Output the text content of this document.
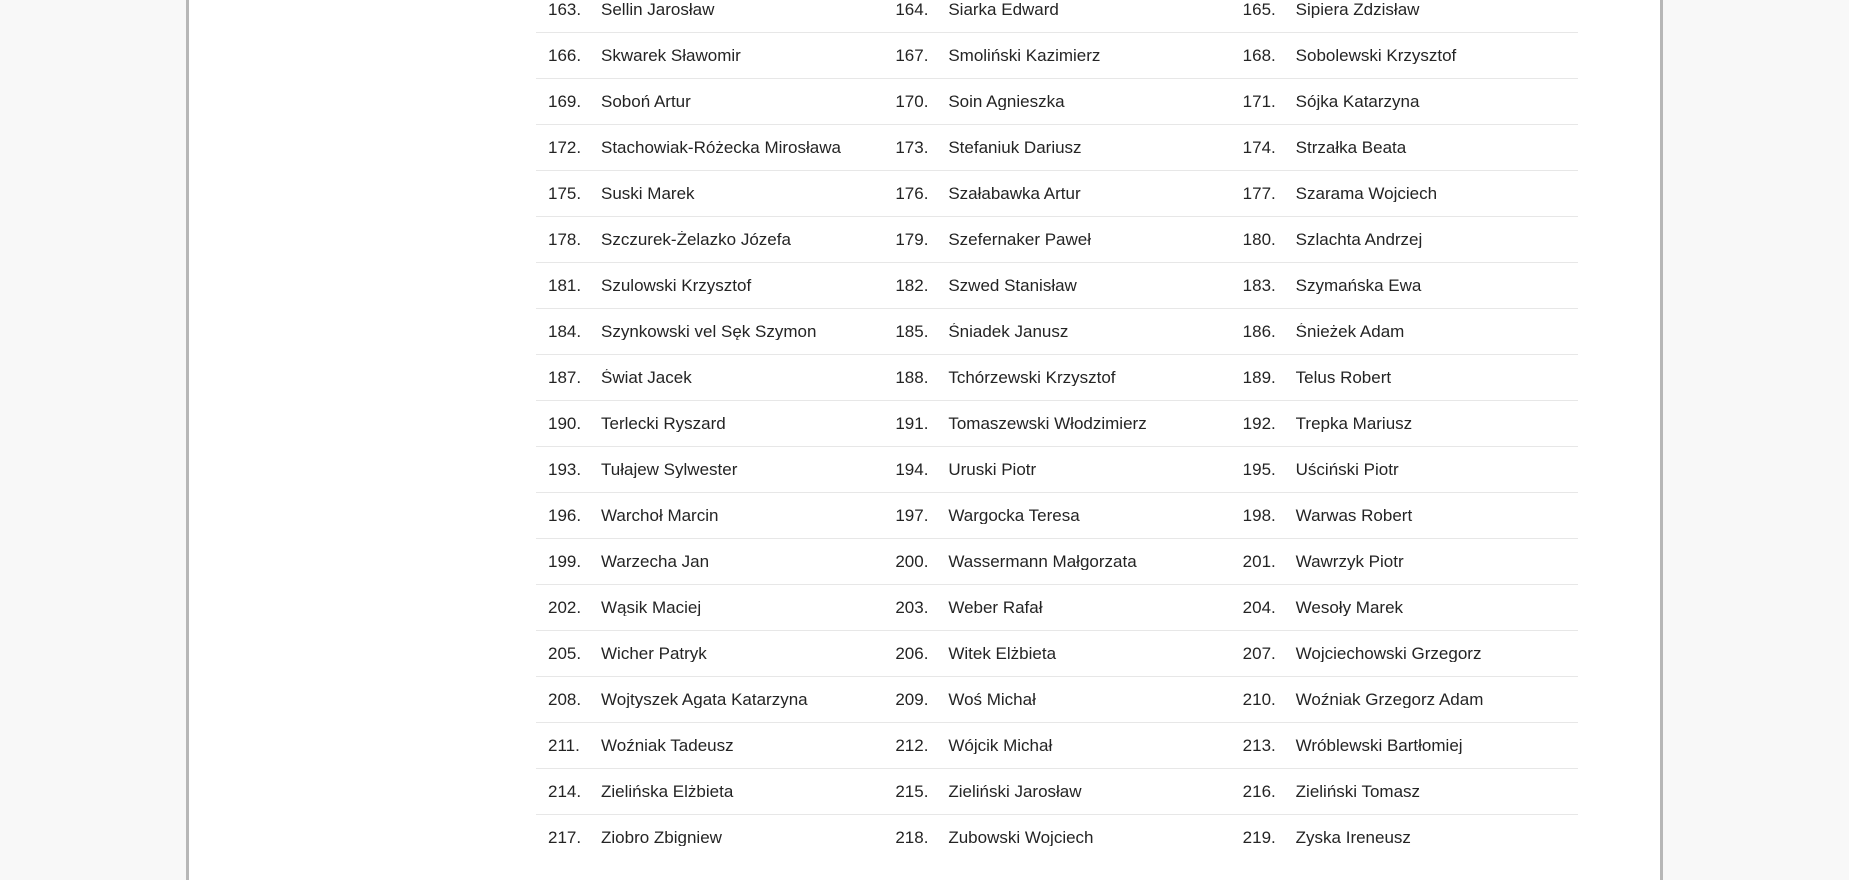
163.	Sellin Jarosław	164.	Siarka Edward	165.	Sipiera Zdzisław
166.	Skwarek Sławomir	167.	Smoliński Kazimierz	168.	Sobolewski Krzysztof
169.	Soboń Artur	170.	Soin Agnieszka	171.	Sójka Katarzyna
172.	Stachowiak-Różecka Mirosława	173.	Stefaniuk Dariusz	174.	Strzałka Beata
175.	Suski Marek	176.	Szałabawka Artur	177.	Szarama Wojciech
178.	Szczurek-Żelazko Józefa	179.	Szefernaker Paweł	180.	Szlachta Andrzej
181.	Szulowski Krzysztof	182.	Szwed Stanisław	183.	Szymańska Ewa
184.	Szynkowski vel Sęk Szymon	185.	Śniadek Janusz	186.	Śnieżek Adam
187.	Świat Jacek	188.	Tchórzewski Krzysztof	189.	Telus Robert
190.	Terlecki Ryszard	191.	Tomaszewski Włodzimierz	192.	Trepka Mariusz
193.	Tułajew Sylwester	194.	Uruski Piotr	195.	Uściński Piotr
196.	Warchoł Marcin	197.	Wargocka Teresa	198.	Warwas Robert
199.	Warzecha Jan	200.	Wassermann Małgorzata	201.	Wawrzyk Piotr
202.	Wąsik Maciej	203.	Weber Rafał	204.	Wesoły Marek
205.	Wicher Patryk	206.	Witek Elżbieta	207.	Wojciechowski Grzegorz
208.	Wojtyszek Agata Katarzyna	209.	Woś Michał	210.	Woźniak Grzegorz Adam
211.	Woźniak Tadeusz	212.	Wójcik Michał	213.	Wróblewski Bartłomiej
214.	Zielińska Elżbieta	215.	Zieliński Jarosław	216.	Zieliński Tomasz
217.	Ziobro Zbigniew	218.	Zubowski Wojciech	219.	Zyska Ireneusz
